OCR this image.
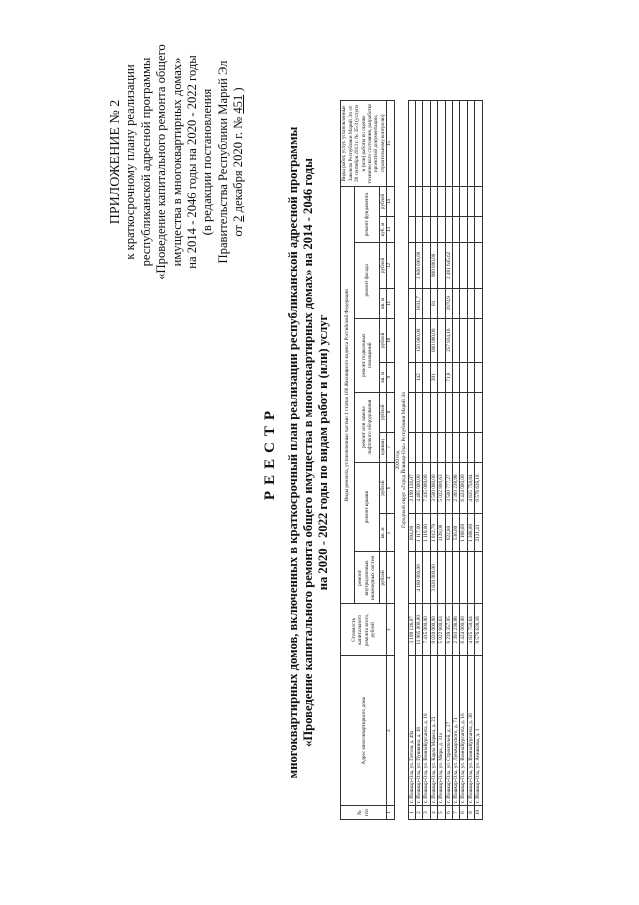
ПРИЛОЖЕНИЕ № 2 к краткосрочному плану реализации республиканской адресной программы «Проведение капитального ремонта общего имущества в многоквартирных домах» на 2014 - 2046 годы на 2020 - 2022 годы (в редакции постановления Правительства Республики Марий Эл от 2 декабря 2020 г. № 451 )
РЕЕСТР многоквартирных домов, включенных в краткосрочный план реализации республиканской адресной программы «Проведение капитального ремонта общего имущества в многоквартирных домах» на 2014 - 2046 годы на 2020 - 2022 годы по видам работ и (или) услуг
№ п/п	Адрес многоквартирного дома	Стоимость капитального ремонта всего, рублей	Виды ремонта, установленные частью 1 статьи 166 Жилищного кодекса Российской Федерации											Виды работ, услуг, установленные Законом Республики Марий Эл от 28 сентября 2013 г. № 35-З (услуги и (или) работы по оценке технического состояния, разработке проектной документации, строительному контролю)
			ремонт внутридомовых инженерных систем	ремонт крыши		ремонт или замена лифтового оборудования		ремонт подвальных помещений		ремонт фасада		ремонт фундамента		
			рублей	кв. м	рублей	единиц	рублей	кв. м	рублей	кв. м	рублей	куб. м	рублей	
1	2	3	4	5	6	7	8	9	10	11	12	13	14	15
2020 год														
Городской округ «Город Йошкар-Ола» Республики Марий Эл														
1	г. Йошкар-Ола, ул. Гоголя, д. 49а	3 199 126,07		694,00	3 199 126,07									
2	г. Йошкар-Ола, ул. Пушкина, д. 18	11 965 000,00	4 180 000,00	1 117,00	4 485 000,00			142	150 000,00	1831,7	2 800 000,00			
3	г. Йошкар-Ола, ул. ВоинаКурсанта, д. 18	7 415 000,00		1 118,00	7 415 000,00									
4	г. Йошкар-Ола, ул. Карла Маркса, д. 23	9 020 000,00	3 820 000,00	1 012,70	3 500 000,00			391	800 000,00	81	900 000,00			
5	г. Йошкар-Ола, ул. Мира, д. 31а	5 022 800,63		1128,00	5 022 800,63									
6	г. Йошкар-Ола, ул. Строителей, д. 27	6 239 357,05		622,80	3 500 777,27			71,8	257 934,16	2070,9	2 481 645,62			
7	г. Йошкар-Ола, ул. Луначарского, д. 71	2 393 238,98		536,00	2 393 238,98									
8	г. Йошкар-Ола, ул. ВоинаКурсанта, д. 16	6 424 000,00		1 180,00	6 424 000,00									
9	г. Йошкар-Ола, ул. ВоинаКурсанта, д. 36	4 825 750,64		1 368,00	4 825 750,64									
10	г. Йошкар-Ола, ул. Анникова, д. 1	9 576 628,18		2121,41	9 576 628,18									
